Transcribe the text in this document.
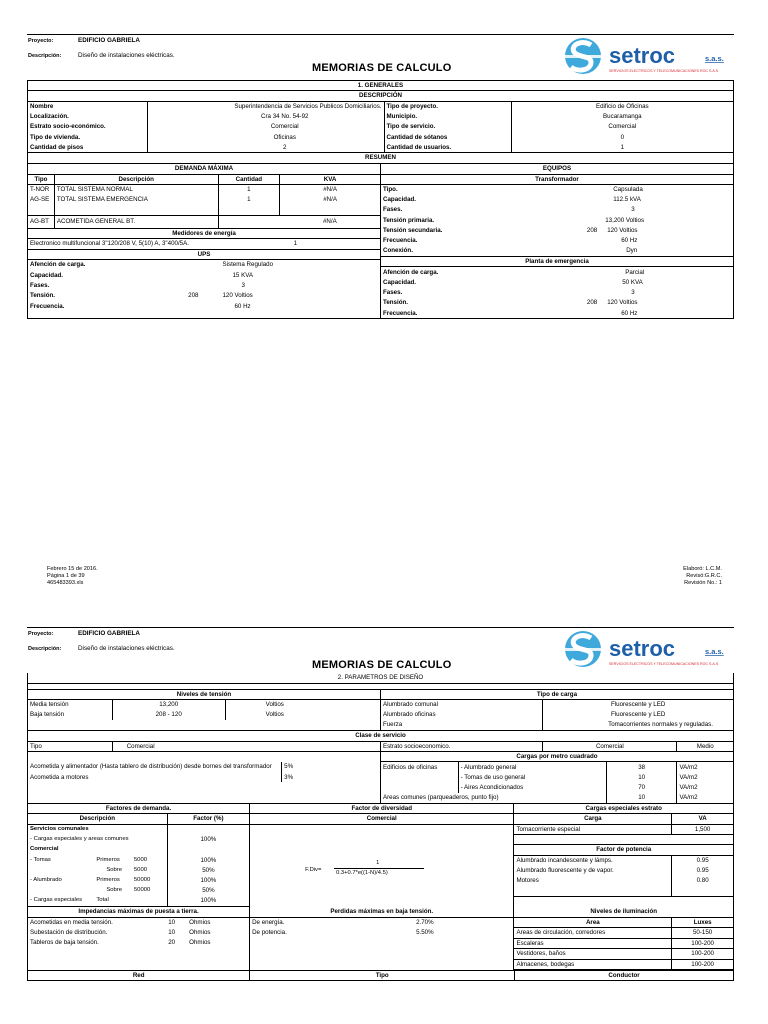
Proyecto:	EDIFICIO GABRIELA
Descripción:	Diseño de instalaciones eléctricas.
MEMORIAS DE CALCULO	setroc	s.a.s.
SERVICIOS ELECTRICOS Y TELECOMUNICACIONES ROC S.A.S
1. GENERALES			
DESCRIPCIÓN			
Nombre	Superintendencia de Servicios Publicos Domiciliarios.	Tipo de proyecto.	Edificio de Oficinas
Localización.	Cra 34 No. 54-92	Municipio.	Bucaramanga
Estrato socio-económico.	Comercial	Tipo de servicio.	Comercial
Tipo de vivienda.	Oficinas	Cantidad de sótanos	0
Cantidad de pisos	2	Cantidad de usuarios.	1
RESUMEN			
DEMANDA MÁXIMA			
Tipo	Descripción	Cantidad	KVA
T-NOR	TOTAL SISTEMA NORMAL	1	#N/A
AG-SE	TOTAL SISTEMA EMERGENCIA	1	#N/A

AG-BT	ACOMETIDA GENERAL BT.		#N/A
Medidores de energía			
Electronico multifuncional 3"120/208 V, 5(10) A, 3"400/5A.			1
UPS			
Afención de carga.		Sistema Regulado
Capacidad.		15 KVA
Fases.		3
Tensión.	208	120 Voltios
Frecuencia.		60 Hz
EQUIPOS		
Transformador		
Tipo.		Capsulada
Capacidad.		112.5 kVA
Fases.		3
Tensión primaria.		13,200 Voltios
Tensión secundaria.	208	120 Voltios
Frecuencia.		60 Hz
Conexión.		Dyn
Planta de emergencia		
Afención de carga.		Parcial
Capacidad.		50 KVA
Fases.		3
Tensión.	208	120 Voltios
Frecuencia.		60 Hz
Febrero 15 de 2016.
Página 1 de 39
465483393.xls
Elaboró: L.C.M.
Revisó:G.R.C.
Revisión No.: 1
Proyecto:	EDIFICIO GABRIELA
Descripción:	Diseño de instalaciones eléctricas.
MEMORIAS DE CALCULO
setroc	s.a.s.
SERVICIOS ELECTRICOS Y TELECOMUNICACIONES ROC S.A.S
2. PARAMETROS DE DISEÑO								

Niveles de tensión				Tipo de carga				
Media tensión	13,200	Voltios		Alumbrado comunal		Fluorescente y LED		
Baja tensión	208 - 120	Voltios		Alumbrado oficinas		Fluorescente y LED		
				Fuerza		Tomacorrientes normales y reguladas.		
Clase de servicio								
Tipo	Comercial			Estrato socioeconomico.		Comercial		Medio
				Cargas por metro cuadrado				
Acometida y alimentador (Hasta tablero de distribución) desde bornes del transformador			5%	Edificios de oficinas	- Alumbrado general		38	VA/m2
Acometida a motores			3%		- Tomas de uso general		10	VA/m2
					- Aires Acondicionados		70	VA/m2
				Areas comunes (parqueaderos, punto fijo)			10	VA/m2
Factores de demanda.			
Descripción			Factor (%)
Servicios comunales			
- Cargas especiales y areas comunes			100%
Comercial			
- Tomas	Primeros	5000	100%
	Sobre	5000	50%
- Alumbrado	Primeros	50000	100%
	Sobre	50000	50%
- Cargas especiales	Total		100%
Factor de diversidad
Comercial
F.Div=
1
0.3+0.7*e((1-N)/4.5)
Cargas especiales estrato	
Carga	VA
Tomacorriente especial	1,500

Factor de potencia	
Alumbrado incandescente y lámps.	0.95
Alumbrado fluorescente y de vapor.	0.95
Motores	0.80

Impedancias máximas de puesta a tierra.		
Acometidas en media tensión.	10	Ohmios
Subestación de distribución.	10	Ohmios
Tableros de baja tensión.	20	Ohmios

Perdidas máximas en baja tensión.	
De energía.	2.70%
De potencia.	5.50%

Niveles de iluminación	
Area	Luxes
Areas de circulación, corredores	50-150
Escaleras	100-200
Vestidores, baños	100-200
Almacenes, bodegas	100-200
Red	Tipo	Conductor
